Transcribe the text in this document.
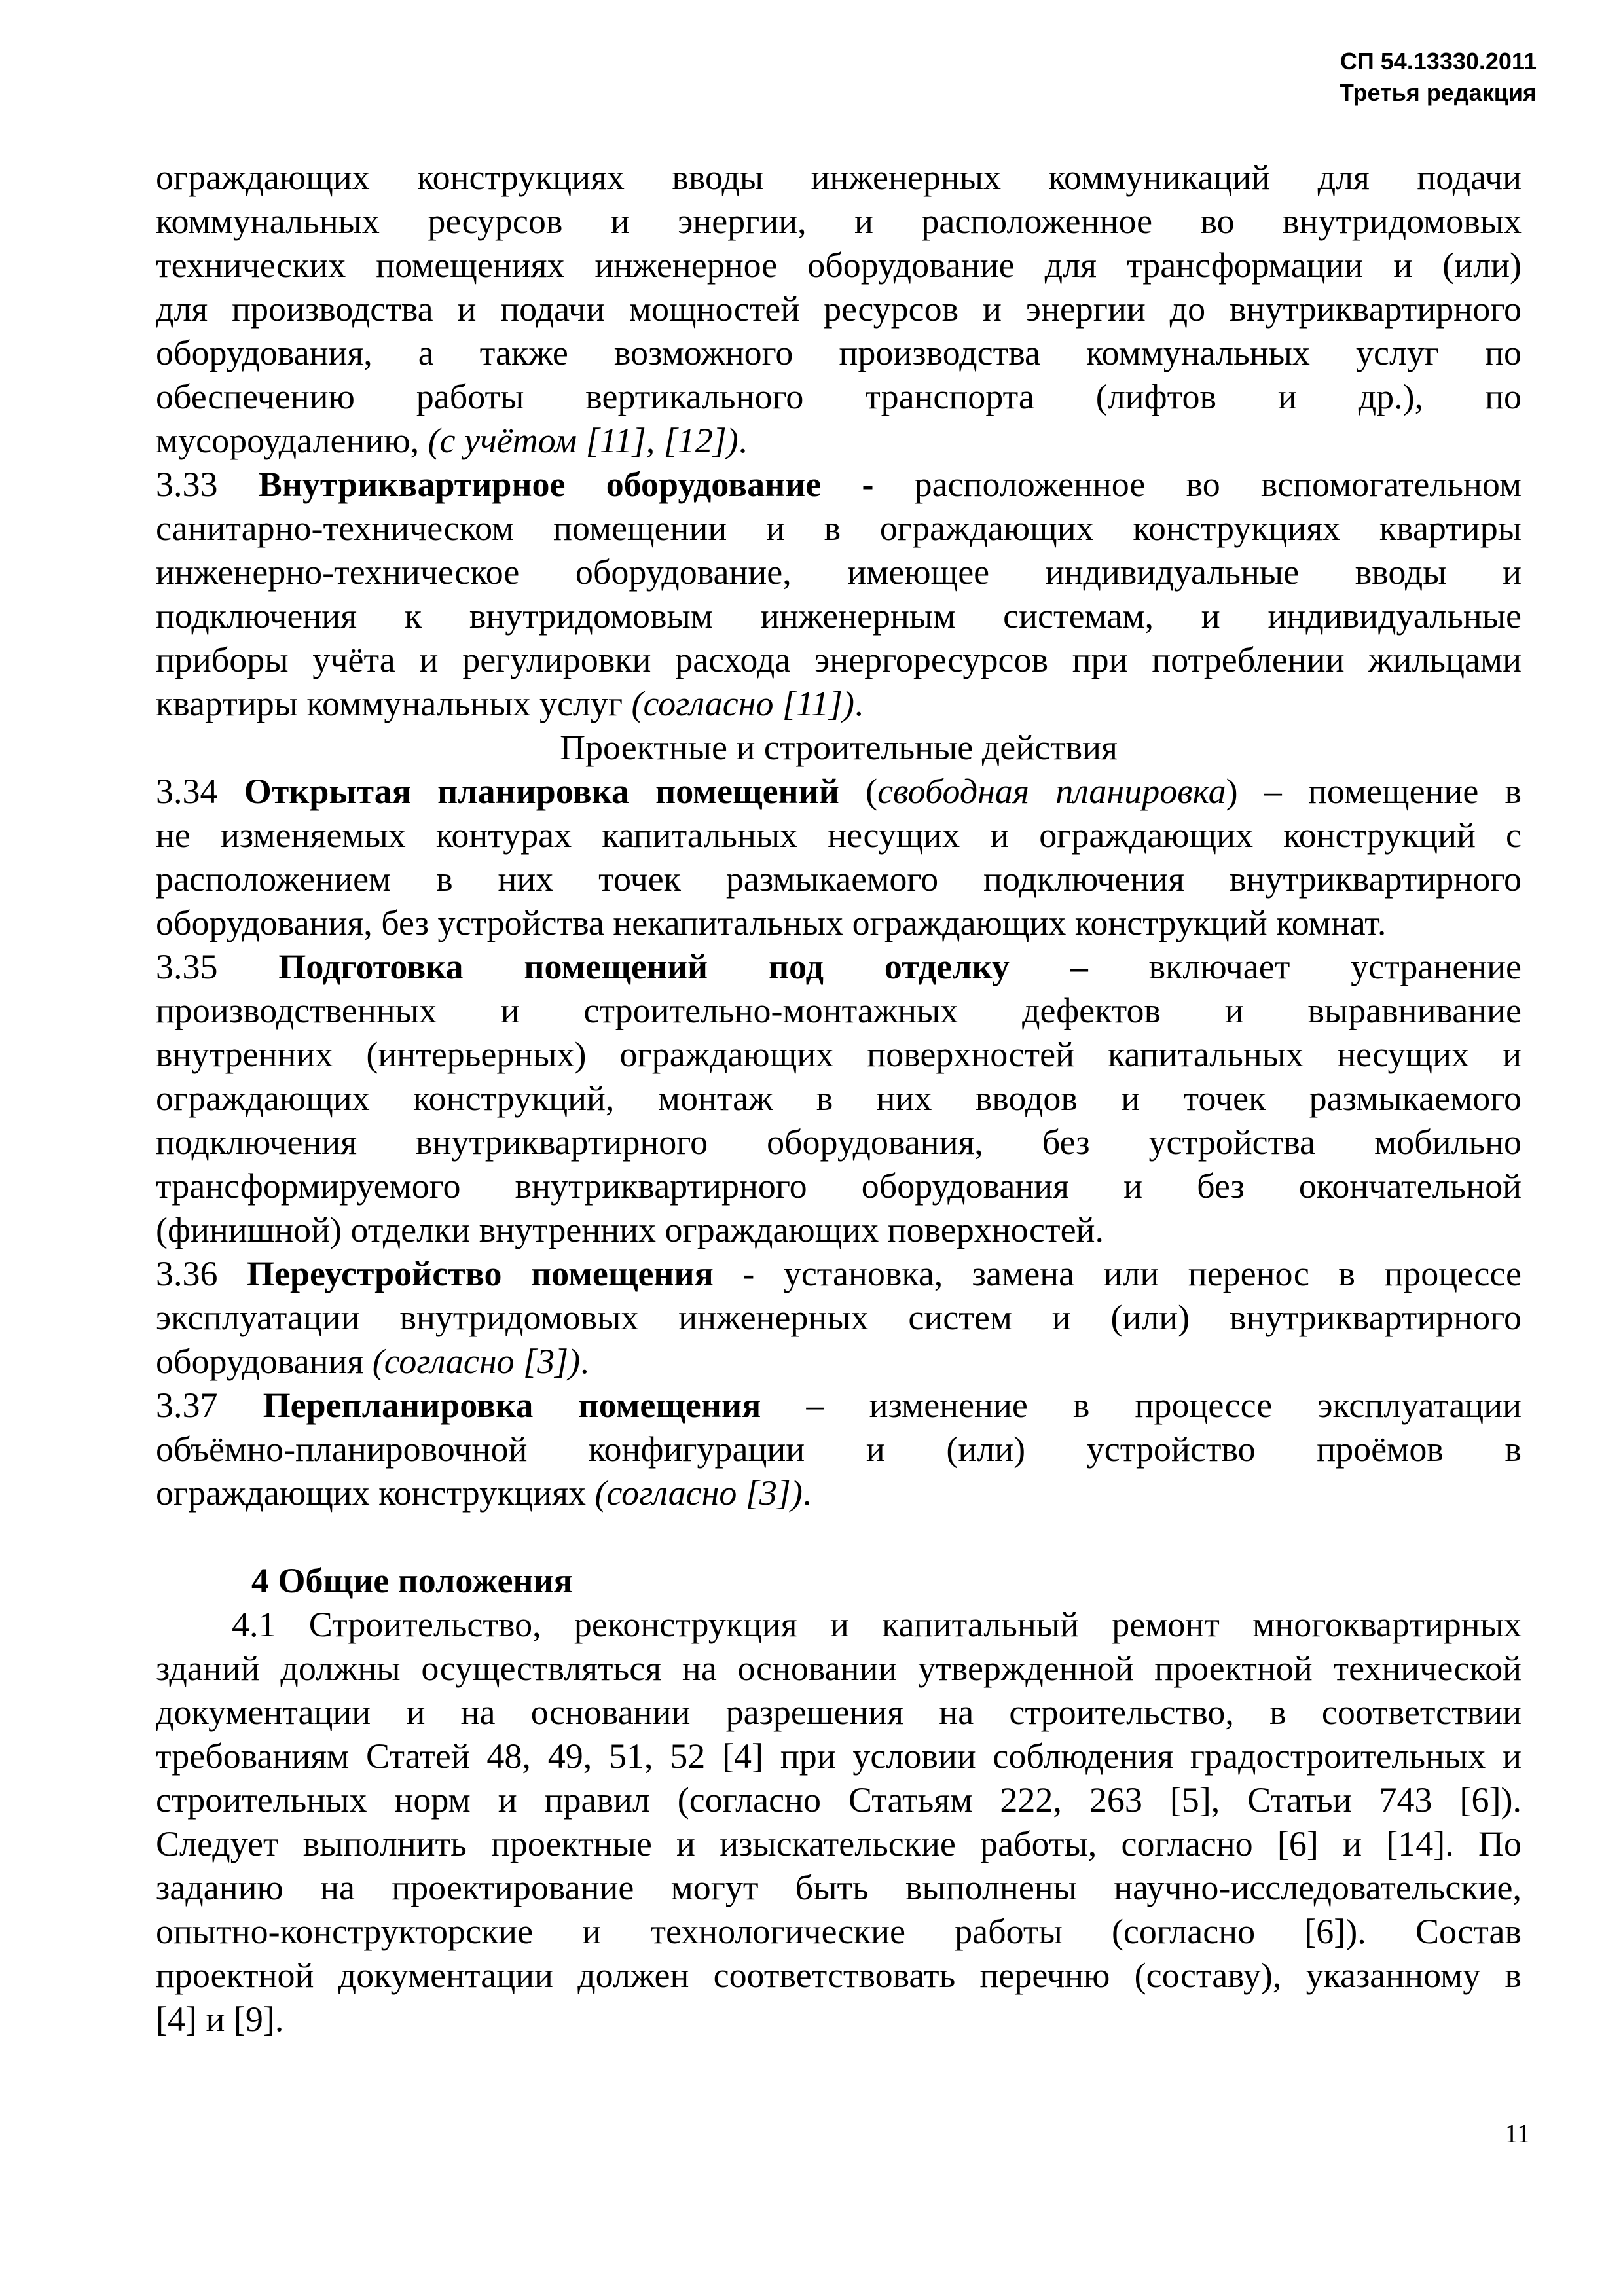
СП 54.13330.2011
Третья редакция
ограждающих конструкциях вводы инженерных коммуникаций для подачи
коммунальных ресурсов и энергии, и расположенное во внутридомовых
технических помещениях инженерное оборудование для трансформации и (или)
для производства и подачи мощностей ресурсов и энергии до внутриквартирного
оборудования, а также возможного производства коммунальных услуг по
обеспечению работы вертикального транспорта (лифтов и др.), по
мусороудалению, (с учётом [11], [12]).
3.33 Внутриквартирное оборудование - расположенное во вспомогательном
санитарно-техническом помещении и в ограждающих конструкциях квартиры
инженерно-техническое оборудование, имеющее индивидуальные вводы и
подключения к внутридомовым инженерным системам, и индивидуальные
приборы учёта и регулировки расхода энергоресурсов при потреблении жильцами
квартиры коммунальных услуг (согласно [11]).
Проектные и строительные действия
3.34 Открытая планировка помещений (свободная планировка) – помещение в
не изменяемых контурах капитальных несущих и ограждающих конструкций с
расположением в них точек размыкаемого подключения внутриквартирного
оборудования, без устройства некапитальных ограждающих конструкций комнат.
3.35 Подготовка помещений под отделку – включает устранение
производственных и строительно-монтажных дефектов и выравнивание
внутренних (интерьерных) ограждающих поверхностей капитальных несущих и
ограждающих конструкций, монтаж в них вводов и точек размыкаемого
подключения внутриквартирного оборудования, без устройства мобильно
трансформируемого внутриквартирного оборудования и без окончательной
(финишной) отделки внутренних ограждающих поверхностей.
3.36 Переустройство помещения - установка, замена или перенос в процессе
эксплуатации внутридомовых инженерных систем и (или) внутриквартирного
оборудования (согласно [3]).
3.37 Перепланировка помещения – изменение в процессе эксплуатации
объёмно-планировочной конфигурации и (или) устройство проёмов в
ограждающих конструкциях (согласно [3]).
4 Общие положения
4.1 Строительство, реконструкция и капитальный ремонт многоквартирных
зданий должны осуществляться на основании утвержденной проектной технической
документации и на основании разрешения на строительство, в соответствии
требованиям Статей 48, 49, 51, 52 [4] при условии соблюдения градостроительных и
строительных норм и правил (согласно Статьям 222, 263 [5], Статьи 743 [6]).
Следует выполнить проектные и изыскательские работы, согласно [6] и [14]. По
заданию на проектирование могут быть выполнены научно-исследовательские,
опытно-конструкторские и технологические работы (согласно [6]). Состав
проектной документации должен соответствовать перечню (составу), указанному в
[4] и [9].
11
